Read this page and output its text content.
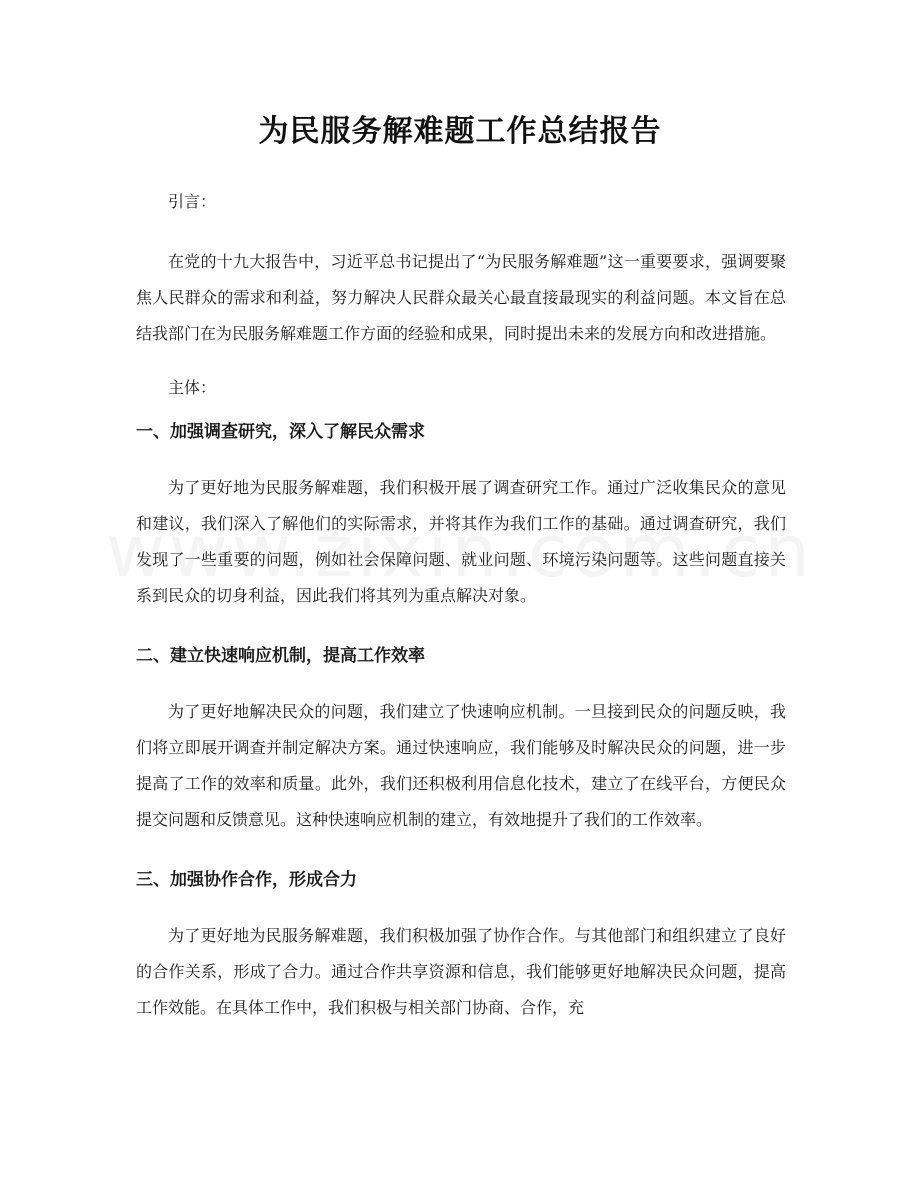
为民服务解难题工作总结报告

引言：

在党的十九大报告中，习近平总书记提出了“为民服务解难题”这一重要要求，强调要聚焦人民群众的需求和利益，努力解决人民群众最关心最直接最现实的利益问题。本文旨在总结我部门在为民服务解难题工作方面的经验和成果，同时提出未来的发展方向和改进措施。

主体：

一、加强调查研究，深入了解民众需求

为了更好地为民服务解难题，我们积极开展了调查研究工作。通过广泛收集民众的意见和建议，我们深入了解他们的实际需求，并将其作为我们工作的基础。通过调查研究，我们发现了一些重要的问题，例如社会保障问题、就业问题、环境污染问题等。这些问题直接关系到民众的切身利益，因此我们将其列为重点解决对象。

二、建立快速响应机制，提高工作效率

为了更好地解决民众的问题，我们建立了快速响应机制。一旦接到民众的问题反映，我们将立即展开调查并制定解决方案。通过快速响应，我们能够及时解决民众的问题，进一步提高了工作的效率和质量。此外，我们还积极利用信息化技术，建立了在线平台，方便民众提交问题和反馈意见。这种快速响应机制的建立，有效地提升了我们的工作效率。

三、加强协作合作，形成合力

为了更好地为民服务解难题，我们积极加强了协作合作。与其他部门和组织建立了良好的合作关系，形成了合力。通过合作共享资源和信息，我们能够更好地解决民众问题，提高工作效能。在具体工作中，我们积极与相关部门协商、合作，充
